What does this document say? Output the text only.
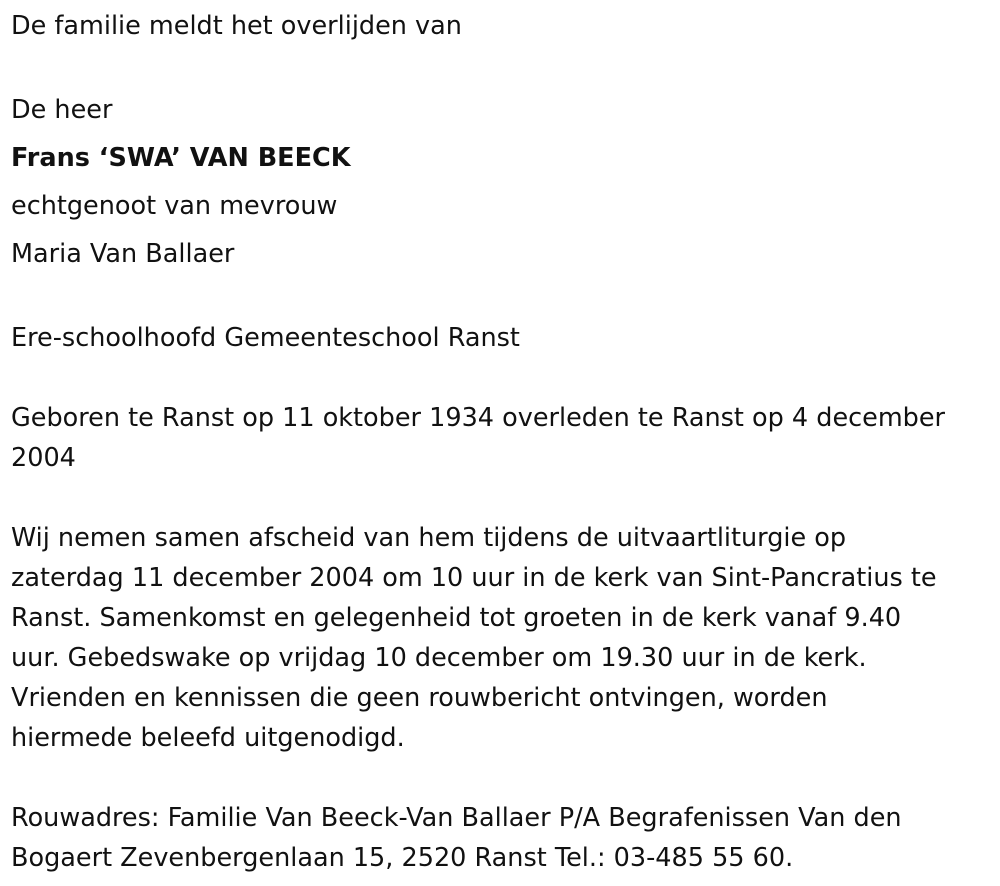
De familie meldt het overlijden van
De heer
Frans ‘SWA’ VAN BEECK
echtgenoot van mevrouw
Maria Van Ballaer
Ere-schoolhoofd Gemeenteschool Ranst
Geboren te Ranst op 11 oktober 1934 overleden te Ranst op 4 december
2004
Wij nemen samen afscheid van hem tijdens de uitvaartliturgie op
zaterdag 11 december 2004 om 10 uur in de kerk van Sint-Pancratius te
Ranst. Samenkomst en gelegenheid tot groeten in de kerk vanaf 9.40
uur. Gebedswake op vrijdag 10 december om 19.30 uur in de kerk.
Vrienden en kennissen die geen rouwbericht ontvingen, worden
hiermede beleefd uitgenodigd.
Rouwadres: Familie Van Beeck-Van Ballaer P/A Begrafenissen Van den
Bogaert Zevenbergenlaan 15, 2520 Ranst Tel.: 03-485 55 60.
